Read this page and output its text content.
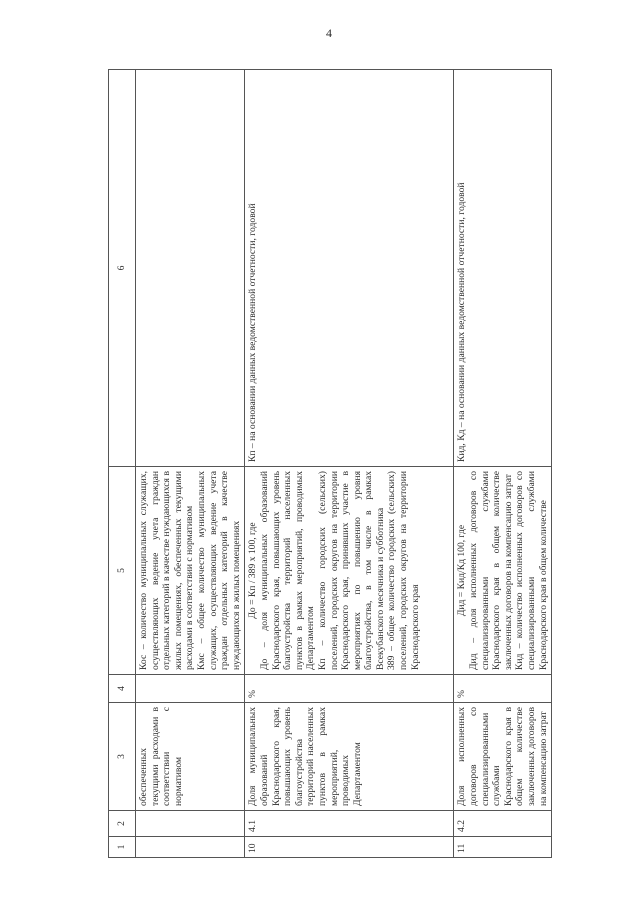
4
1	2	3	4	5	6
		обеспеченных текущими расходами в соответствии с нормативом		Кос – количество муниципальных служащих, осуществляющих ведение учета граждан отдельных категорий в качестве нуждающихся в жилых помещениях, обеспеченных текущими расходами в соответствии с нормативом Кмс – общее количество муниципальных служащих, осуществляющих ведение учета граждан отдельных категорий в качестве нуждающихся в жилых помещениях	

10	4.1	Доля муниципальных образований Краснодарского края, повышающих уровень благоустройства территорий населенных пунктов в рамках мероприятий, проводимых Департаментом	%	До = Кп / 389 х 100, где До – доля муниципальных образований Краснодарского края, повышающих уровень благоустройства территорий населенных пунктов в рамках мероприятий, проводимых Департаментом Кп – количество городских (сельских) поселений, городских округов на территории Краснодарского края, принявших участие в мероприятиях по повышению уровня благоустройства, в том числе в рамках Всекубанского месячника и субботника 389 – общее количество городских (сельских) поселений, городских округов на территории Краснодарского края	Кп – на основании данных ведомственной отчетности, годовой
11	4.2	Доля исполненных договоров со специализированными службами Краснодарского края в общем количестве заключенных договоров на компенсацию затрат	%	Дид = Кид/Кд 100, где Дид – доля исполненных договоров со специализированными службами Краснодарского края в общем количестве заключенных договоров на компенсацию затрат Кид – количество исполненных договоров со специализированными службами Краснодарского края в общем количестве	Кид, Кд – на основании данных ведомственной отчетности, годовой
